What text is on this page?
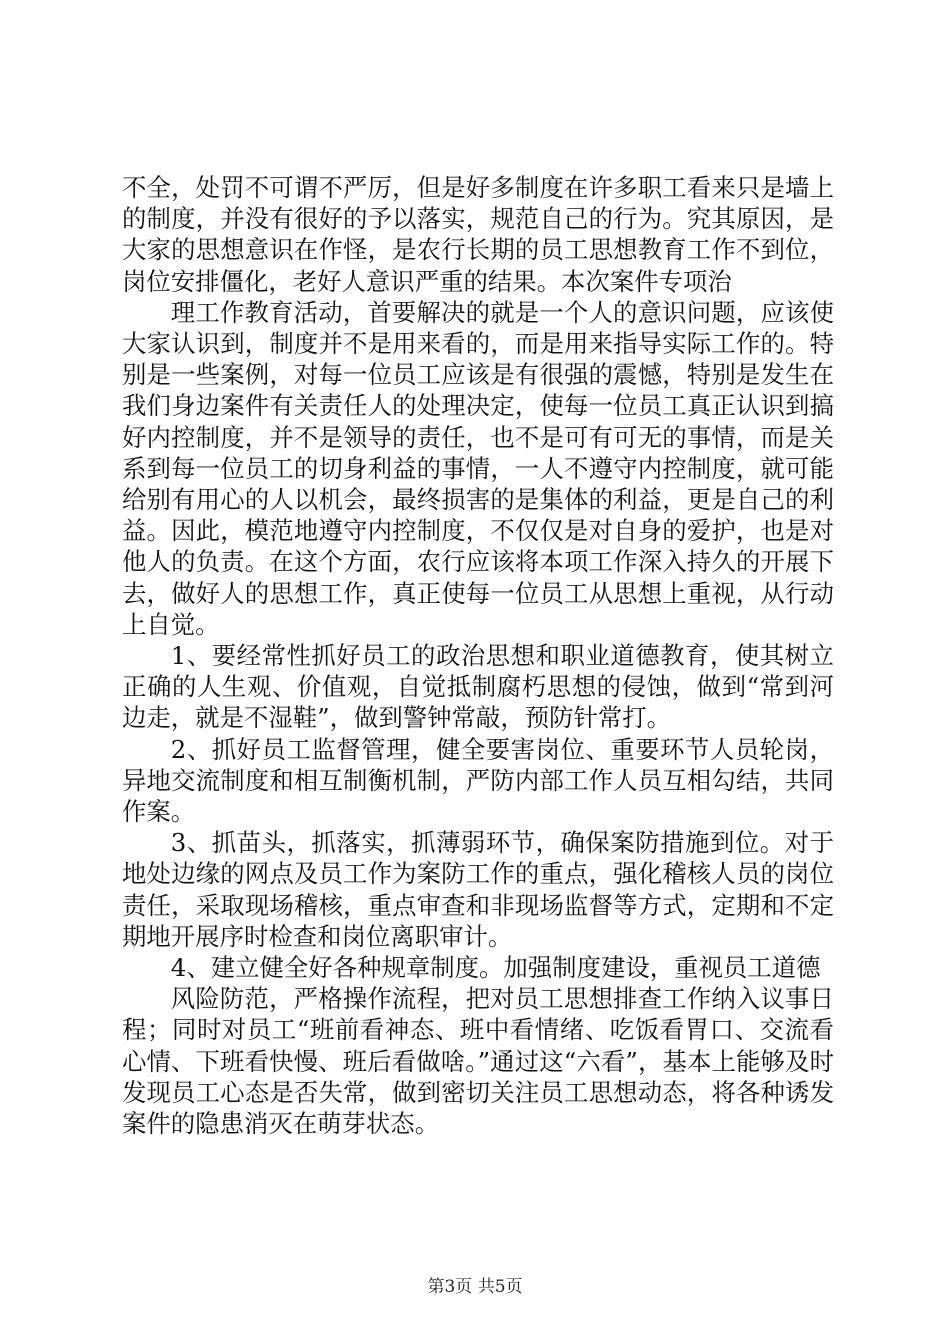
不全，处罚不可谓不严厉，但是好多制度在许多职工看来只是墙上的制度，并没有很好的予以落实，规范自己的行为。究其原因，是大家的思想意识在作怪，是农行长期的员工思想教育工作不到位，岗位安排僵化，老好人意识严重的结果。本次案件专项治

理工作教育活动，首要解决的就是一个人的意识问题，应该使大家认识到，制度并不是用来看的，而是用来指导实际工作的。特别是一些案例，对每一位员工应该是有很强的震憾，特别是发生在我们身边案件有关责任人的处理决定，使每一位员工真正认识到搞好内控制度，并不是领导的责任，也不是可有可无的事情，而是关系到每一位员工的切身利益的事情，一人不遵守内控制度，就可能给别有用心的人以机会，最终损害的是集体的利益，更是自己的利益。因此，模范地遵守内控制度，不仅仅是对自身的爱护，也是对他人的负责。在这个方面，农行应该将本项工作深入持久的开展下去，做好人的思想工作，真正使每一位员工从思想上重视，从行动上自觉。

1、要经常性抓好员工的政治思想和职业道德教育，使其树立正确的人生观、价值观，自觉抵制腐朽思想的侵蚀，做到“常到河边走，就是不湿鞋”，做到警钟常敲，预防针常打。

2、抓好员工监督管理，健全要害岗位、重要环节人员轮岗，异地交流制度和相互制衡机制，严防内部工作人员互相勾结，共同作案。

3、抓苗头，抓落实，抓薄弱环节，确保案防措施到位。对于地处边缘的网点及员工作为案防工作的重点，强化稽核人员的岗位责任，采取现场稽核，重点审查和非现场监督等方式，定期和不定期地开展序时检查和岗位离职审计。

4、建立健全好各种规章制度。加强制度建设，重视员工道德

风险防范，严格操作流程，把对员工思想排查工作纳入议事日程；同时对员工“班前看神态、班中看情绪、吃饭看胃口、交流看心情、下班看快慢、班后看做啥。”通过这“六看”，基本上能够及时发现员工心态是否失常，做到密切关注员工思想动态，将各种诱发案件的隐患消灭在萌芽状态。

第3页 共5页
